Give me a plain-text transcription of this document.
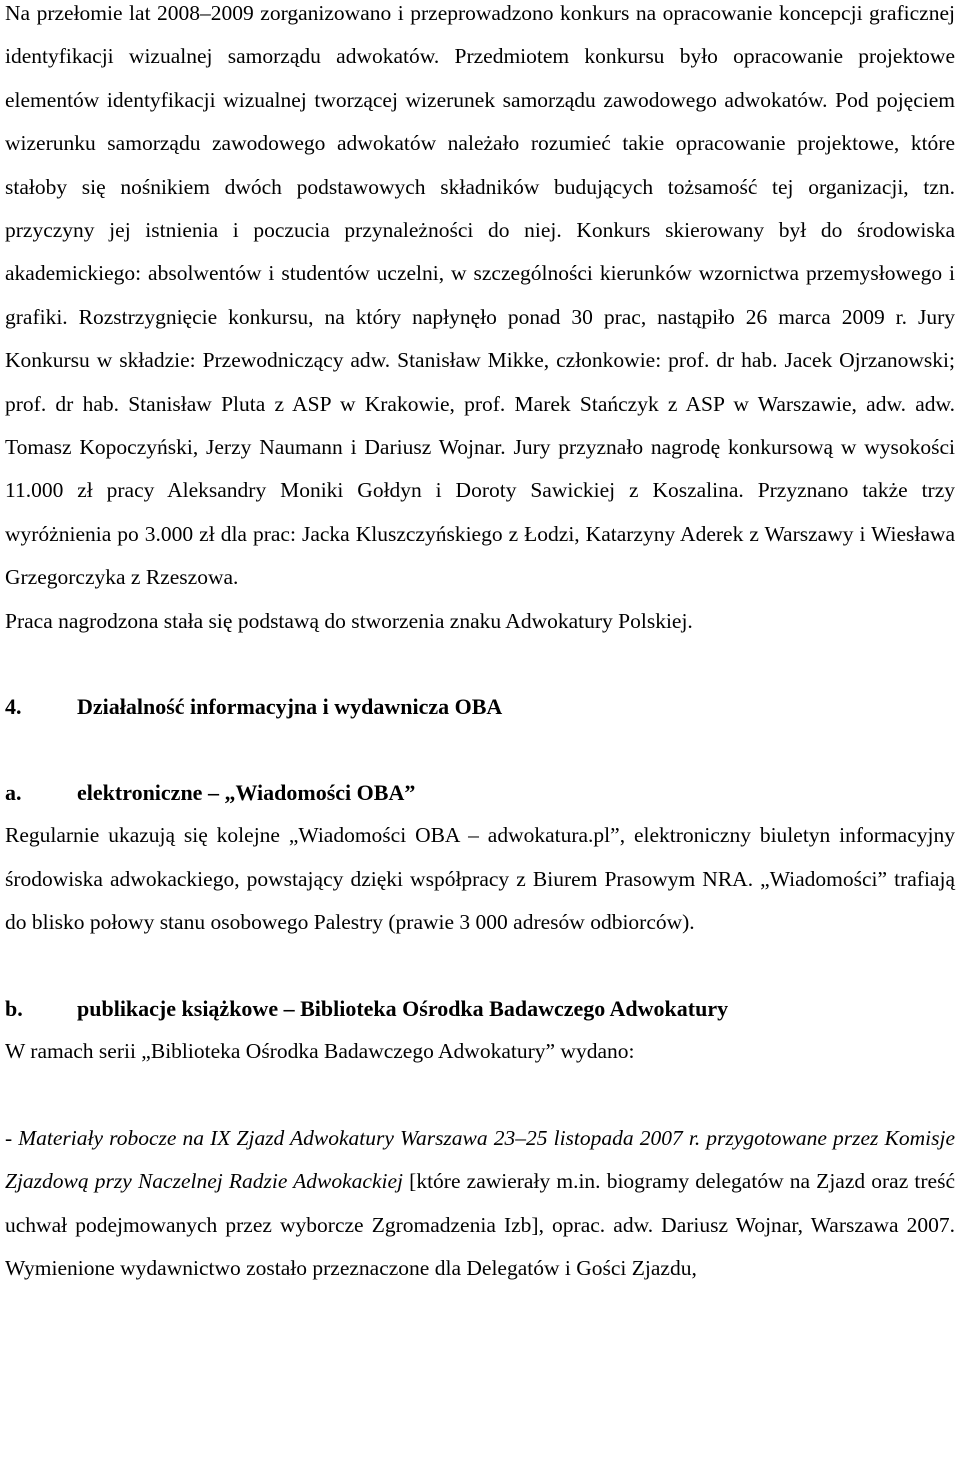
Na przełomie lat 2008–2009 zorganizowano i przeprowadzono konkurs na opracowanie koncepcji graficznej identyfikacji wizualnej samorządu adwokatów. Przedmiotem konkursu było opracowanie projektowe elementów identyfikacji wizualnej tworzącej wizerunek samorządu zawodowego adwokatów. Pod pojęciem wizerunku samorządu zawodowego adwokatów należało rozumieć takie opracowanie projektowe, które stałoby się nośnikiem dwóch podstawowych składników budujących tożsamość tej organizacji, tzn. przyczyny jej istnienia i poczucia przynależności do niej. Konkurs skierowany był do środowiska akademickiego: absolwentów i studentów uczelni, w szczególności kierunków wzornictwa przemysłowego i grafiki. Rozstrzygnięcie konkursu, na który napłynęło ponad 30 prac, nastąpiło 26 marca 2009 r. Jury Konkursu w składzie: Przewodniczący adw. Stanisław Mikke, członkowie: prof. dr hab. Jacek Ojrzanowski; prof. dr hab. Stanisław Pluta z ASP w Krakowie, prof. Marek Stańczyk z ASP w Warszawie, adw. adw. Tomasz Kopoczyński, Jerzy Naumann i Dariusz Wojnar. Jury przyznało nagrodę konkursową w wysokości 11.000 zł pracy Aleksandry Moniki Gołdyn i Doroty Sawickiej z Koszalina. Przyznano także trzy wyróżnienia po 3.000 zł dla prac: Jacka Kluszczyńskiego z Łodzi, Katarzyny Aderek z Warszawy i Wiesława Grzegorczyka z Rzeszowa.

Praca nagrodzona stała się podstawą do stworzenia znaku Adwokatury Polskiej.

4.	Działalność informacyjna i wydawnicza OBA

a.	elektroniczne – „Wiadomości OBA”

Regularnie ukazują się kolejne „Wiadomości OBA – adwokatura.pl”, elektroniczny biuletyn informacyjny środowiska adwokackiego, powstający dzięki współpracy z Biurem Prasowym NRA. „Wiadomości” trafiają do blisko połowy stanu osobowego Palestry (prawie 3 000 adresów odbiorców).

b. publikacje książkowe – Biblioteka Ośrodka Badawczego Adwokatury

W ramach serii „Biblioteka Ośrodka Badawczego Adwokatury” wydano:

- Materiały robocze na IX Zjazd Adwokatury Warszawa 23–25 listopada 2007 r. przygotowane przez Komisje Zjazdową przy Naczelnej Radzie Adwokackiej [które zawierały m.in. biogramy delegatów na Zjazd oraz treść uchwał podejmowanych przez wyborcze Zgromadzenia Izb], oprac. adw. Dariusz Wojnar, Warszawa 2007. Wymienione wydawnictwo zostało przeznaczone dla Delegatów i Gości Zjazdu,
